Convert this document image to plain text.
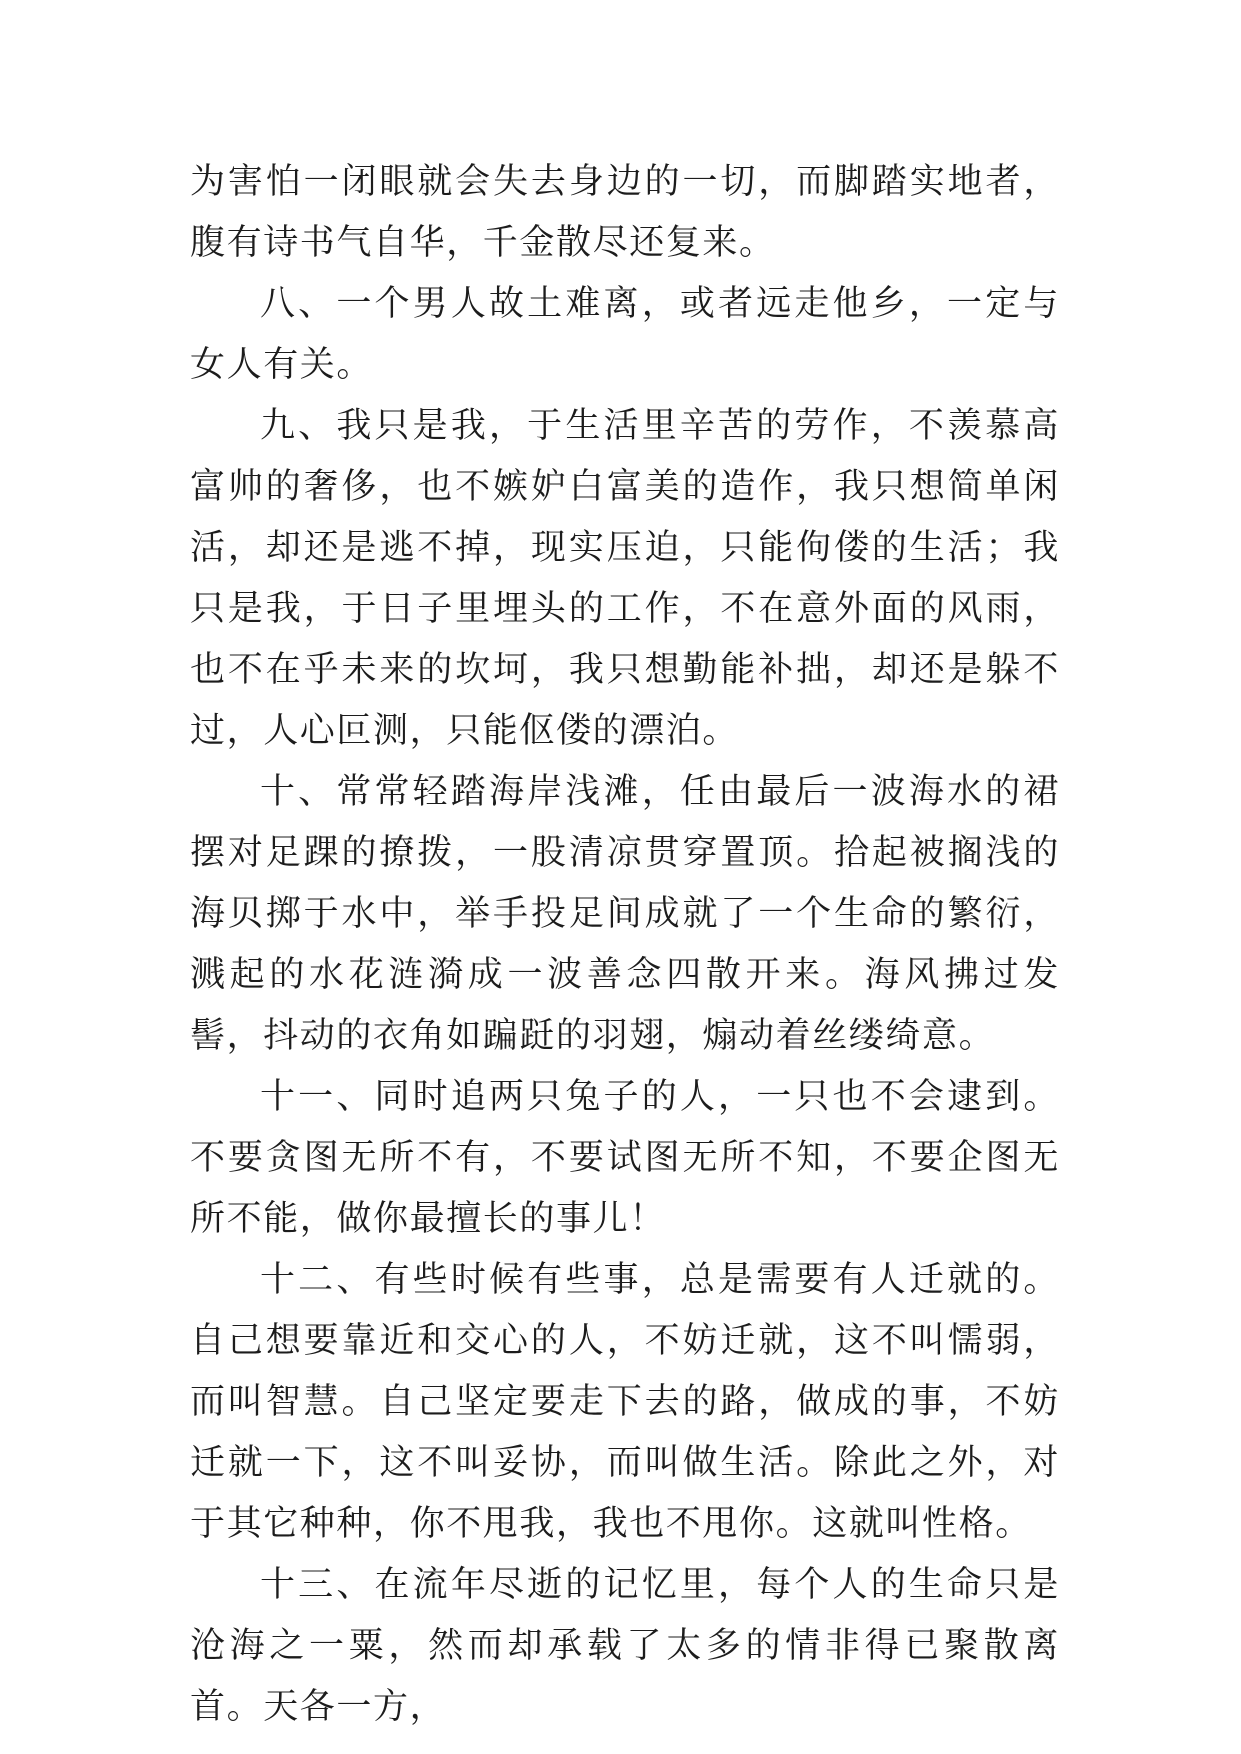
为害怕一闭眼就会失去身边的一切，而脚踏实地者，腹有诗书气自华，千金散尽还复来。

八、一个男人故土难离，或者远走他乡，一定与女人有关。

九、我只是我，于生活里辛苦的劳作，不羡慕高富帅的奢侈，也不嫉妒白富美的造作，我只想简单闲活，却还是逃不掉，现实压迫，只能佝偻的生活；我只是我，于日子里埋头的工作，不在意外面的风雨，也不在乎未来的坎坷，我只想勤能补拙，却还是躲不过，人心叵测，只能伛偻的漂泊。

十、常常轻踏海岸浅滩，任由最后一波海水的裙摆对足踝的撩拨，一股清凉贯穿置顶。拾起被搁浅的海贝掷于水中，举手投足间成就了一个生命的繁衍，溅起的水花涟漪成一波善念四散开来。海风拂过发髻，抖动的衣角如蹁跹的羽翅，煽动着丝缕绮意。

十一、同时追两只兔子的人，一只也不会逮到。不要贪图无所不有，不要试图无所不知，不要企图无所不能，做你最擅长的事儿！

十二、有些时候有些事，总是需要有人迁就的。自己想要靠近和交心的人，不妨迁就，这不叫懦弱，而叫智慧。自己坚定要走下去的路，做成的事，不妨迁就一下，这不叫妥协，而叫做生活。除此之外，对于其它种种，你不甩我，我也不甩你。这就叫性格。

十三、在流年尽逝的记忆里，每个人的生命只是沧海之一粟，然而却承载了太多的情非得已聚散离首。天各一方，
